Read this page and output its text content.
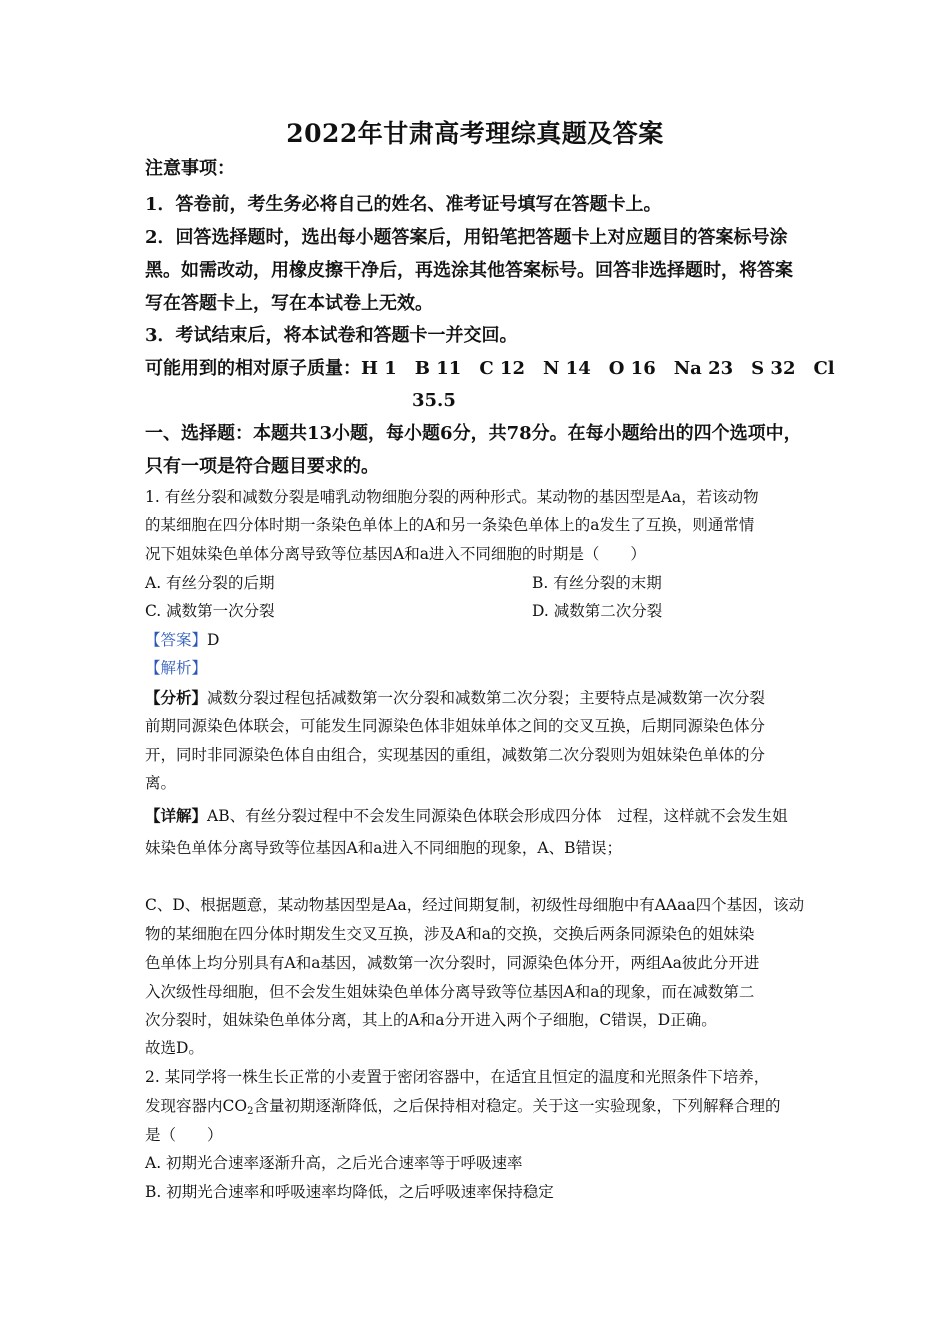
2022年甘肃高考理综真题及答案
注意事项：
1．答卷前，考生务必将自己的姓名、准考证号填写在答题卡上。
2．回答选择题时，选出每小题答案后，用铅笔把答题卡上对应题目的答案标号涂
黑。如需改动，用橡皮擦干净后，再选涂其他答案标号。回答非选择题时，将答案
写在答题卡上，写在本试卷上无效。
3．考试结束后，将本试卷和答题卡一并交回。
可能用到的相对原子质量：H 1　B 11　C 12　N 14　O 16　Na 23　S 32　Cl
35.5
一、选择题：本题共13小题，每小题6分，共78分。在每小题给出的四个选项中，
只有一项是符合题目要求的。
1. 有丝分裂和减数分裂是哺乳动物细胞分裂的两种形式。某动物的基因型是Aa，若该动物
的某细胞在四分体时期一条染色单体上的A和另一条染色单体上的a发生了互换，则通常情
况下姐妹染色单体分离导致等位基因A和a进入不同细胞的时期是（　　）
A. 有丝分裂的后期	B. 有丝分裂的末期
C. 减数第一次分裂	D. 减数第二次分裂
【答案】D
【解析】
【分析】减数分裂过程包括减数第一次分裂和减数第二次分裂；主要特点是减数第一次分裂
前期同源染色体联会，可能发生同源染色体非姐妹单体之间的交叉互换，后期同源染色体分
开，同时非同源染色体自由组合，实现基因的重组，减数第二次分裂则为姐妹染色单体的分
离。
【详解】AB、有丝分裂过程中不会发生同源染色体联会形成四分体　过程，这样就不会发生姐
妹染色单体分离导致等位基因A和a进入不同细胞的现象，A、B错误；
C、D、根据题意，某动物基因型是Aa，经过间期复制，初级性母细胞中有AAaa四个基因，该动
物的某细胞在四分体时期发生交叉互换，涉及A和a的交换，交换后两条同源染色的姐妹染
色单体上均分别具有A和a基因，减数第一次分裂时，同源染色体分开，两组Aa彼此分开进
入次级性母细胞，但不会发生姐妹染色单体分离导致等位基因A和a的现象，而在减数第二
次分裂时，姐妹染色单体分离，其上的A和a分开进入两个子细胞，C错误，D正确。
故选D。
2. 某同学将一株生长正常的小麦置于密闭容器中，在适宜且恒定的温度和光照条件下培养，
发现容器内$CO_2$含量初期逐渐降低，之后保持相对稳定。关于这一实验现象，下列解释合理的
是（　　）
A. 初期光合速率逐渐升高，之后光合速率等于呼吸速率
B. 初期光合速率和呼吸速率均降低，之后呼吸速率保持稳定
